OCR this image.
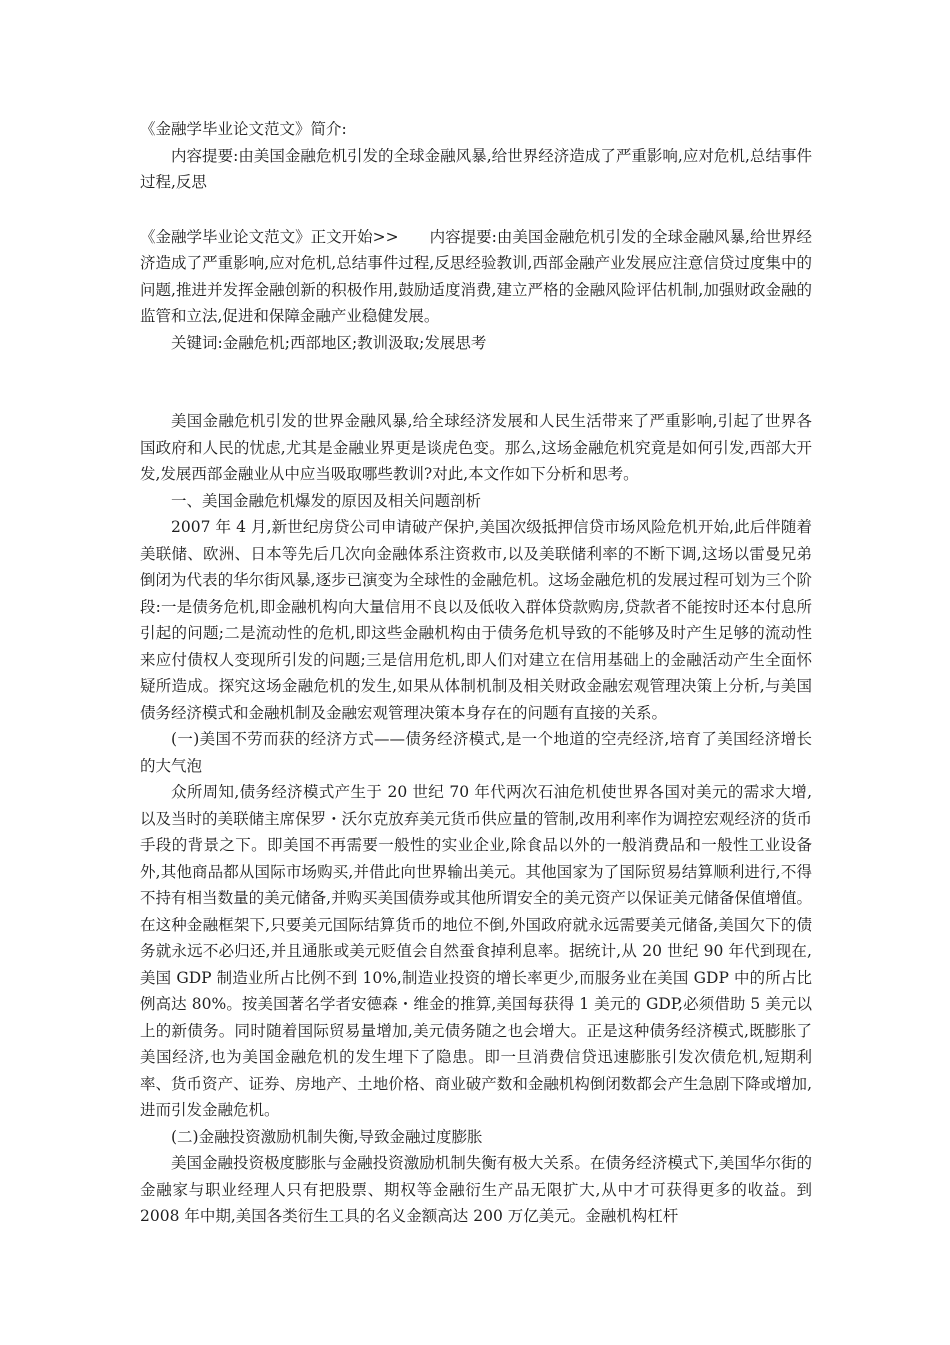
《金融学毕业论文范文》简介:

内容提要:由美国金融危机引发的全球金融风暴,给世界经济造成了严重影响,应对危机,总结事件过程,反思

《金融学毕业论文范文》正文开始>>　　内容提要:由美国金融危机引发的全球金融风暴,给世界经济造成了严重影响,应对危机,总结事件过程,反思经验教训,西部金融产业发展应注意信贷过度集中的问题,推进并发挥金融创新的积极作用,鼓励适度消费,建立严格的金融风险评估机制,加强财政金融的监管和立法,促进和保障金融产业稳健发展。

关键词:金融危机;西部地区;教训汲取;发展思考

美国金融危机引发的世界金融风暴,给全球经济发展和人民生活带来了严重影响,引起了世界各国政府和人民的忧虑,尤其是金融业界更是谈虎色变。那么,这场金融危机究竟是如何引发,西部大开发,发展西部金融业从中应当吸取哪些教训?对此,本文作如下分析和思考。

一、美国金融危机爆发的原因及相关问题剖析

2007 年 4 月,新世纪房贷公司申请破产保护,美国次级抵押信贷市场风险危机开始,此后伴随着美联储、欧洲、日本等先后几次向金融体系注资救市,以及美联储利率的不断下调,这场以雷曼兄弟倒闭为代表的华尔街风暴,逐步已演变为全球性的金融危机。这场金融危机的发展过程可划为三个阶段:一是债务危机,即金融机构向大量信用不良以及低收入群体贷款购房,贷款者不能按时还本付息所引起的问题;二是流动性的危机,即这些金融机构由于债务危机导致的不能够及时产生足够的流动性来应付债权人变现所引发的问题;三是信用危机,即人们对建立在信用基础上的金融活动产生全面怀疑所造成。探究这场金融危机的发生,如果从体制机制及相关财政金融宏观管理决策上分析,与美国债务经济模式和金融机制及金融宏观管理决策本身存在的问题有直接的关系。

(一)美国不劳而获的经济方式——债务经济模式,是一个地道的空壳经济,培育了美国经济增长的大气泡

众所周知,债务经济模式产生于 20 世纪 70 年代两次石油危机使世界各国对美元的需求大增,以及当时的美联储主席保罗・沃尔克放弃美元货币供应量的管制,改用利率作为调控宏观经济的货币手段的背景之下。即美国不再需要一般性的实业企业,除食品以外的一般消费品和一般性工业设备外,其他商品都从国际市场购买,并借此向世界输出美元。其他国家为了国际贸易结算顺利进行,不得不持有相当数量的美元储备,并购买美国债券或其他所谓安全的美元资产以保证美元储备保值增值。在这种金融框架下,只要美元国际结算货币的地位不倒,外国政府就永远需要美元储备,美国欠下的债务就永远不必归还,并且通胀或美元贬值会自然蚕食掉利息率。据统计,从 20 世纪 90 年代到现在,美国 GDP 制造业所占比例不到 10%,制造业投资的增长率更少,而服务业在美国 GDP 中的所占比例高达 80%。按美国著名学者安德森・维金的推算,美国每获得 1 美元的 GDP,必须借助 5 美元以上的新债务。同时随着国际贸易量增加,美元债务随之也会增大。正是这种债务经济模式,既膨胀了美国经济,也为美国金融危机的发生埋下了隐患。即一旦消费信贷迅速膨胀引发次债危机,短期利率、货币资产、证券、房地产、土地价格、商业破产数和金融机构倒闭数都会产生急剧下降或增加,进而引发金融危机。

(二)金融投资激励机制失衡,导致金融过度膨胀

美国金融投资极度膨胀与金融投资激励机制失衡有极大关系。在债务经济模式下,美国华尔街的金融家与职业经理人只有把股票、期权等金融衍生产品无限扩大,从中才可获得更多的收益。到 2008 年中期,美国各类衍生工具的名义金额高达 200 万亿美元。金融机构杠杆
